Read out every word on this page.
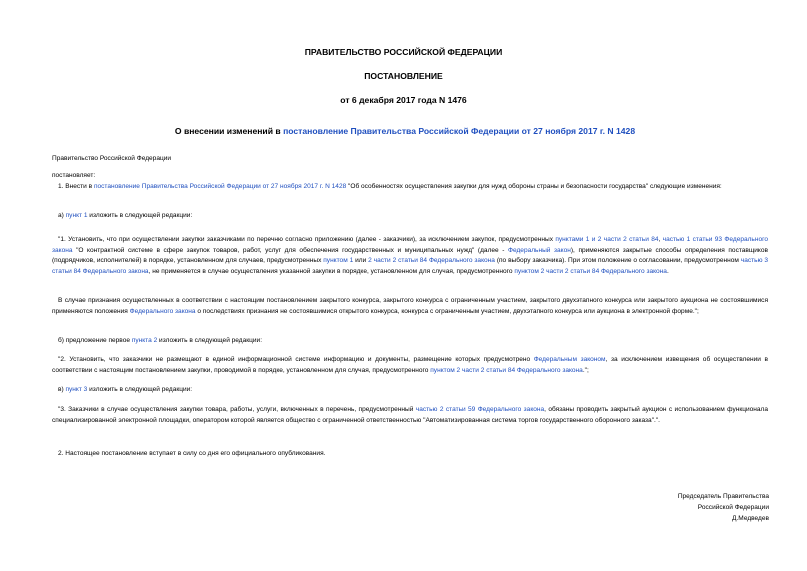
ПРАВИТЕЛЬСТВО РОССИЙСКОЙ ФЕДЕРАЦИИ
ПОСТАНОВЛЕНИЕ
от 6 декабря 2017 года N 1476
О внесении изменений в постановление Правительства Российской Федерации от 27 ноября 2017 г. N 1428
Правительство Российской Федерации
постановляет:
1. Внести в постановление Правительства Российской Федерации от 27 ноября 2017 г. N 1428 "Об особенностях осуществления закупки для нужд обороны страны и безопасности государства" следующие изменения:
а) пункт 1 изложить в следующей редакции:
"1. Установить, что при осуществлении закупки заказчиками по перечню согласно приложению (далее - заказчики), за исключением закупок, предусмотренных пунктами 1 и 2 части 2 статьи 84, частью 1 статьи 93 Федерального закона "О контрактной системе в сфере закупок товаров, работ, услуг для обеспечения государственных и муниципальных нужд" (далее - Федеральный закон), применяются закрытые способы определения поставщиков (подрядчиков, исполнителей) в порядке, установленном для случаев, предусмотренных пунктом 1 или 2 части 2 статьи 84 Федерального закона (по выбору заказчика). При этом положение о согласовании, предусмотренном частью 3 статьи 84 Федерального закона, не применяется в случае осуществления указанной закупки в порядке, установленном для случая, предусмотренного пунктом 2 части 2 статьи 84 Федерального закона.
В случае признания осуществленных в соответствии с настоящим постановлением закрытого конкурса, закрытого конкурса с ограниченным участием, закрытого двухэтапного конкурса или закрытого аукциона не состоявшимися применяются положения Федерального закона о последствиях признания не состоявшимися открытого конкурса, конкурса с ограниченным участием, двухэтапного конкурса или аукциона в электронной форме.";
б) предложение первое пункта 2 изложить в следующей редакции:
"2. Установить, что заказчики не размещают в единой информационной системе информацию и документы, размещение которых предусмотрено Федеральным законом, за исключением извещения об осуществлении в соответствии с настоящим постановлением закупки, проводимой в порядке, установленном для случая, предусмотренного пунктом 2 части 2 статьи 84 Федерального закона.";
в) пункт 3 изложить в следующей редакции:
"3. Заказчики в случае осуществления закупки товара, работы, услуги, включенных в перечень, предусмотренный частью 2 статьи 59 Федерального закона, обязаны проводить закрытый аукцион с использованием функционала специализированной электронной площадки, оператором которой является общество с ограниченной ответственностью "Автоматизированная система торгов государственного оборонного заказа".".
2. Настоящее постановление вступает в силу со дня его официального опубликования.
Председатель Правительства
Российской Федерации
Д.Медведев
